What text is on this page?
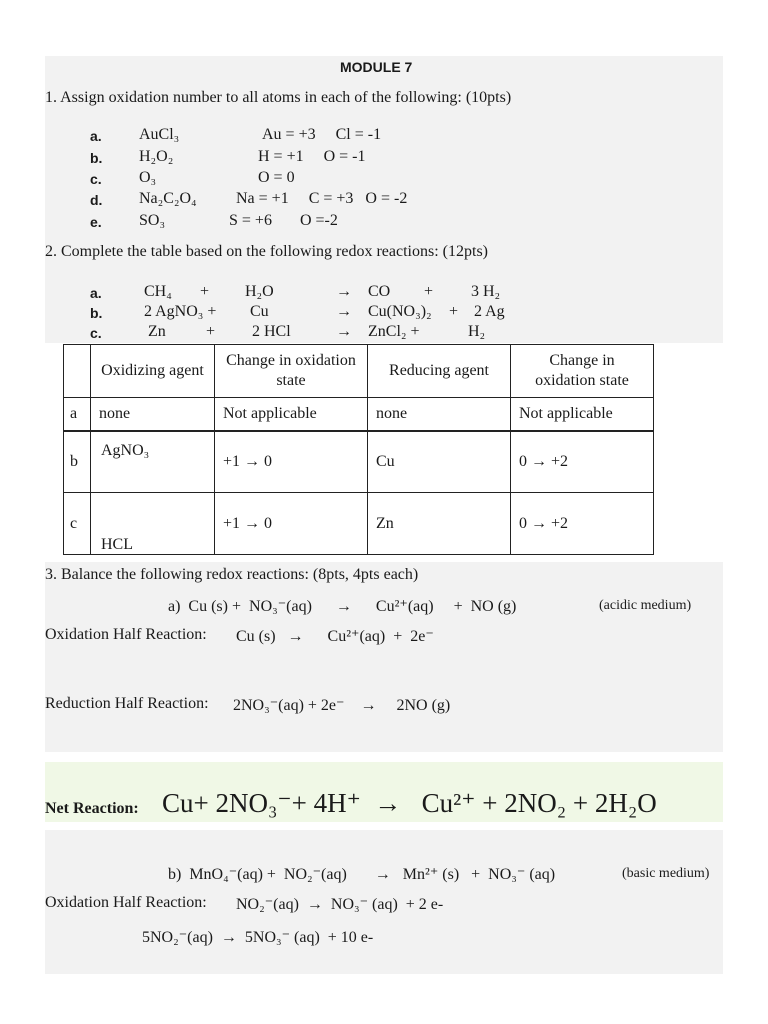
MODULE 7
1. Assign oxidation number to all atoms in each of the following: (10pts)
a. AuCl₃	Au = +3     Cl = -1
b. H₂O₂	H = +1     O = -1
c. O₃	O = 0
d. Na₂C₂O₄ Na = +1     C = +3   O = -2
e. SO₃	S = +6       O =-2
2. Complete the table based on the following redox reactions: (12pts)
a.	CH₄ + H₂O	→ CO + 3 H₂
b.	2 AgNO₃ + Cu	→ Cu(NO₃)₂ + 2 Ag
c.	Zn	+ 2 HCl	→ ZnCl₂ +	H₂
	Oxidizing agent	Change in oxidation state	Reducing agent	Change in oxidation state
a	none	Not applicable	none	Not applicable
b	AgNO₃	+1 → 0	Cu	0 → +2
c	HCL	+1 → 0	Zn	0 → +2
3. Balance the following redox reactions: (8pts, 4pts each)
a)  Cu (s) +  NO₃⁻(aq)      →      Cu²⁺(aq)     +  NO (g)	(acidic medium)
Oxidation Half Reaction: Cu (s)   →      Cu²⁺(aq)  +  2e⁻
Reduction Half Reaction: 2NO₃⁻(aq) + 2e⁻    →     2NO (g)
Net Reaction: Cu+ 2NO₃⁻+ 4H⁺  →   Cu²⁺ + 2NO₂ + 2H₂O
b)  MnO₄⁻(aq) +  NO₂⁻(aq)       →   Mn²⁺ (s)   +  NO₃⁻ (aq)	(basic medium)
Oxidation Half Reaction: NO₂⁻(aq)  →  NO₃⁻ (aq)  + 2 e-
5NO₂⁻(aq)  →  5NO₃⁻ (aq)  + 10 e-
